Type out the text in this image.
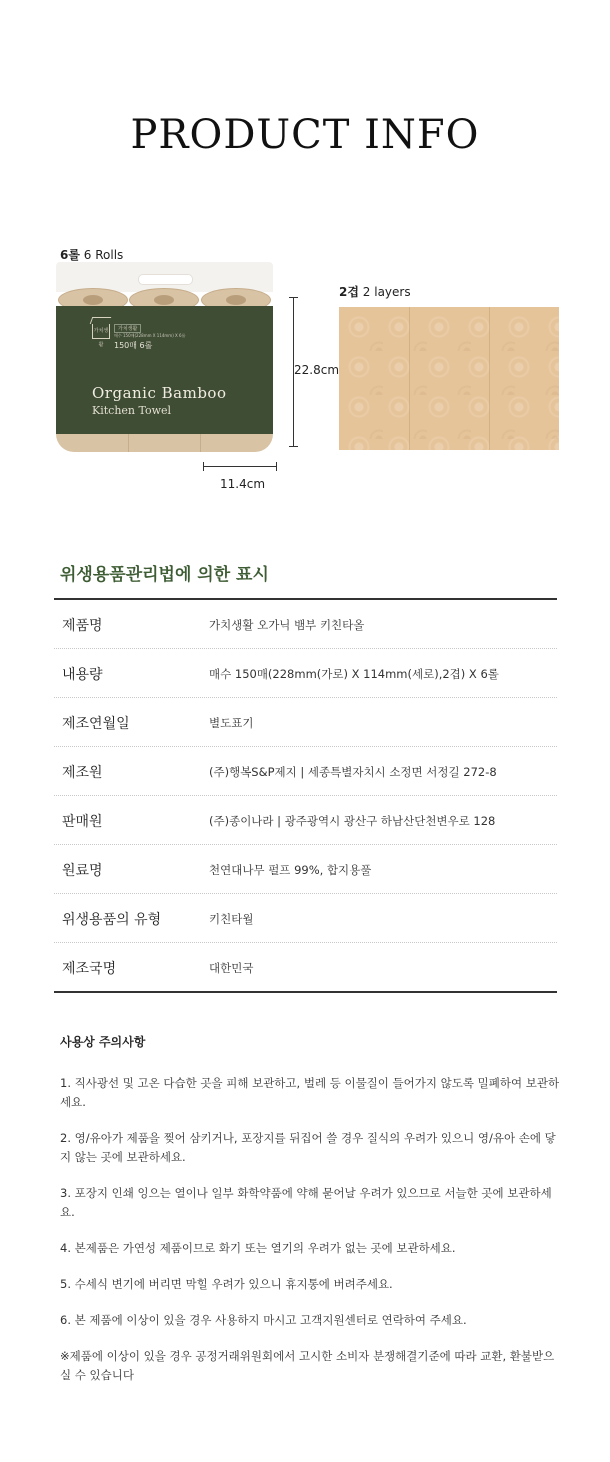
PRODUCT INFO
6롤 6 Rolls
가치생활
가치생활
매수 150매(228mm X 114mm) X 6롤
150매 6롤
Organic Bamboo
Kitchen Towel
22.8cm
11.4cm
2겹 2 layers
위생용품관리법에 의한 표시
제품명	가치생활 오가닉 뱀부 키친타올
내용량	매수 150매(228mm(가로) X 114mm(세로),2겹) X 6롤
제조연월일	별도표기
제조원	(주)행복S&P제지 | 세종특별자치시 소정면 서정길 272-8
판매원	(주)종이나라 | 광주광역시 광산구 하남산단천변우로 128
원료명	천연대나무 펄프 99%, 합지용풀
위생용품의 유형	키친타월
제조국명	대한민국
사용상 주의사항

1. 직사광선 및 고온 다습한 곳을 피해 보관하고, 벌레 등 이물질이 들어가지 않도록 밀폐하여 보관하세요.

2. 영/유아가 제품을 찢어 삼키거나, 포장지를 뒤집어 쓸 경우 질식의 우려가 있으니 영/유아 손에 닿지 않는 곳에 보관하세요.

3. 포장지 인쇄 잉으는 열이나 일부 화학약품에 약해 묻어날 우려가 있으므로 서늘한 곳에 보관하세요.

4. 본제품은 가연성 제품이므로 화기 또는 열기의 우려가 없는 곳에 보관하세요.

5. 수세식 변기에 버리면 막힐 우려가 있으니 휴지통에 버려주세요.

6. 본 제품에 이상이 있을 경우 사용하지 마시고 고객지원센터로 연락하여 주세요.

※제품에 이상이 있을 경우 공정거래위원회에서 고시한 소비자 분쟁해결기준에 따라 교환, 환불받으실 수 있습니다
